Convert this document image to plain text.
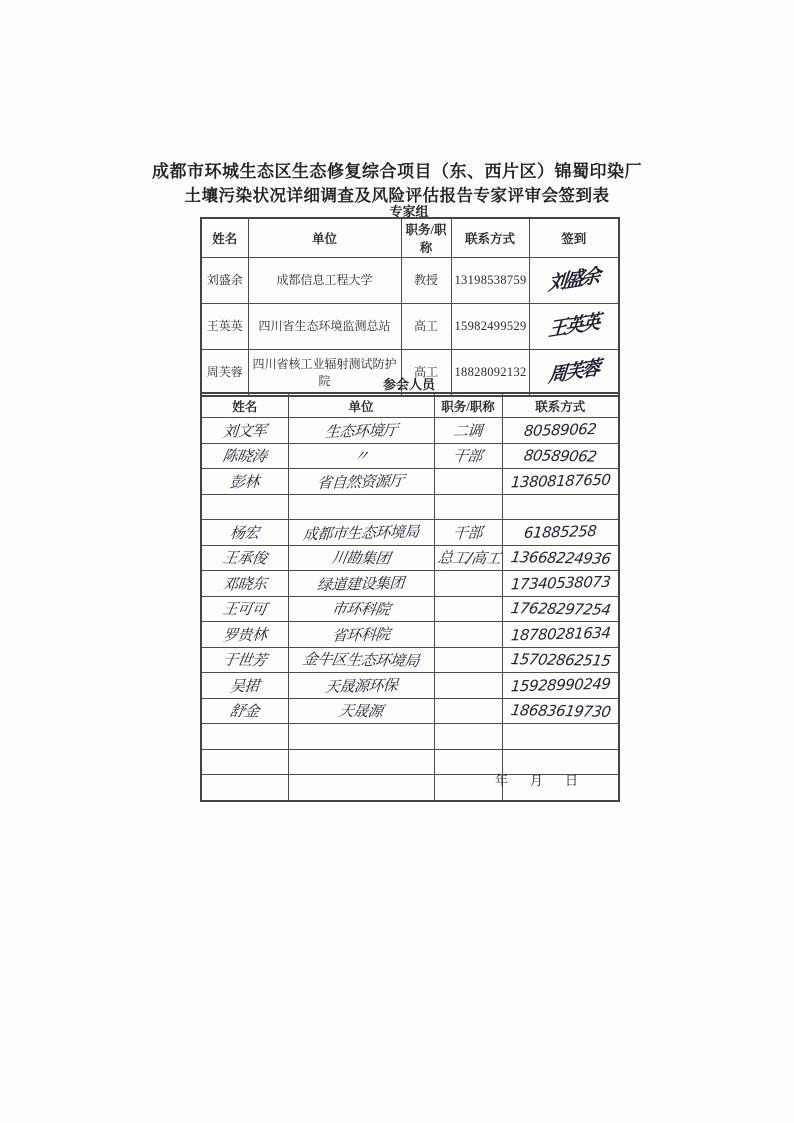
成都市环城生态区生态修复综合项目（东、西片区）锦蜀印染厂
土壤污染状况详细调查及风险评估报告专家评审会签到表
专家组
姓名	单位	职务/职称	联系方式	签到
刘盛余	成都信息工程大学	教授	13198538759	刘盛余
王英英	四川省生态环境监测总站	高工	15982499529	王英英
周芙蓉	四川省核工业辐射测试防护院	高工	18828092132	周芙蓉
参会人员
姓名	单位	职务/职称	联系方式
刘文军	生态环境厅	二调	80589062
陈晓涛	〃	干部	80589062
彭林	省自然资源厅		13808187650

杨宏	成都市生态环境局	干部	61885258
王承俊	川勘集团	总工/高工	13668224936
邓晓东	绿道建设集团		17340538073
王可可	市环科院		17628297254
罗贵林	省环科院		18780281634
于世芳	金牛区生态环境局		15702862515
吴捃	天晟源环保		15928990249
舒金	天晟源		18683619730

年 月 日
